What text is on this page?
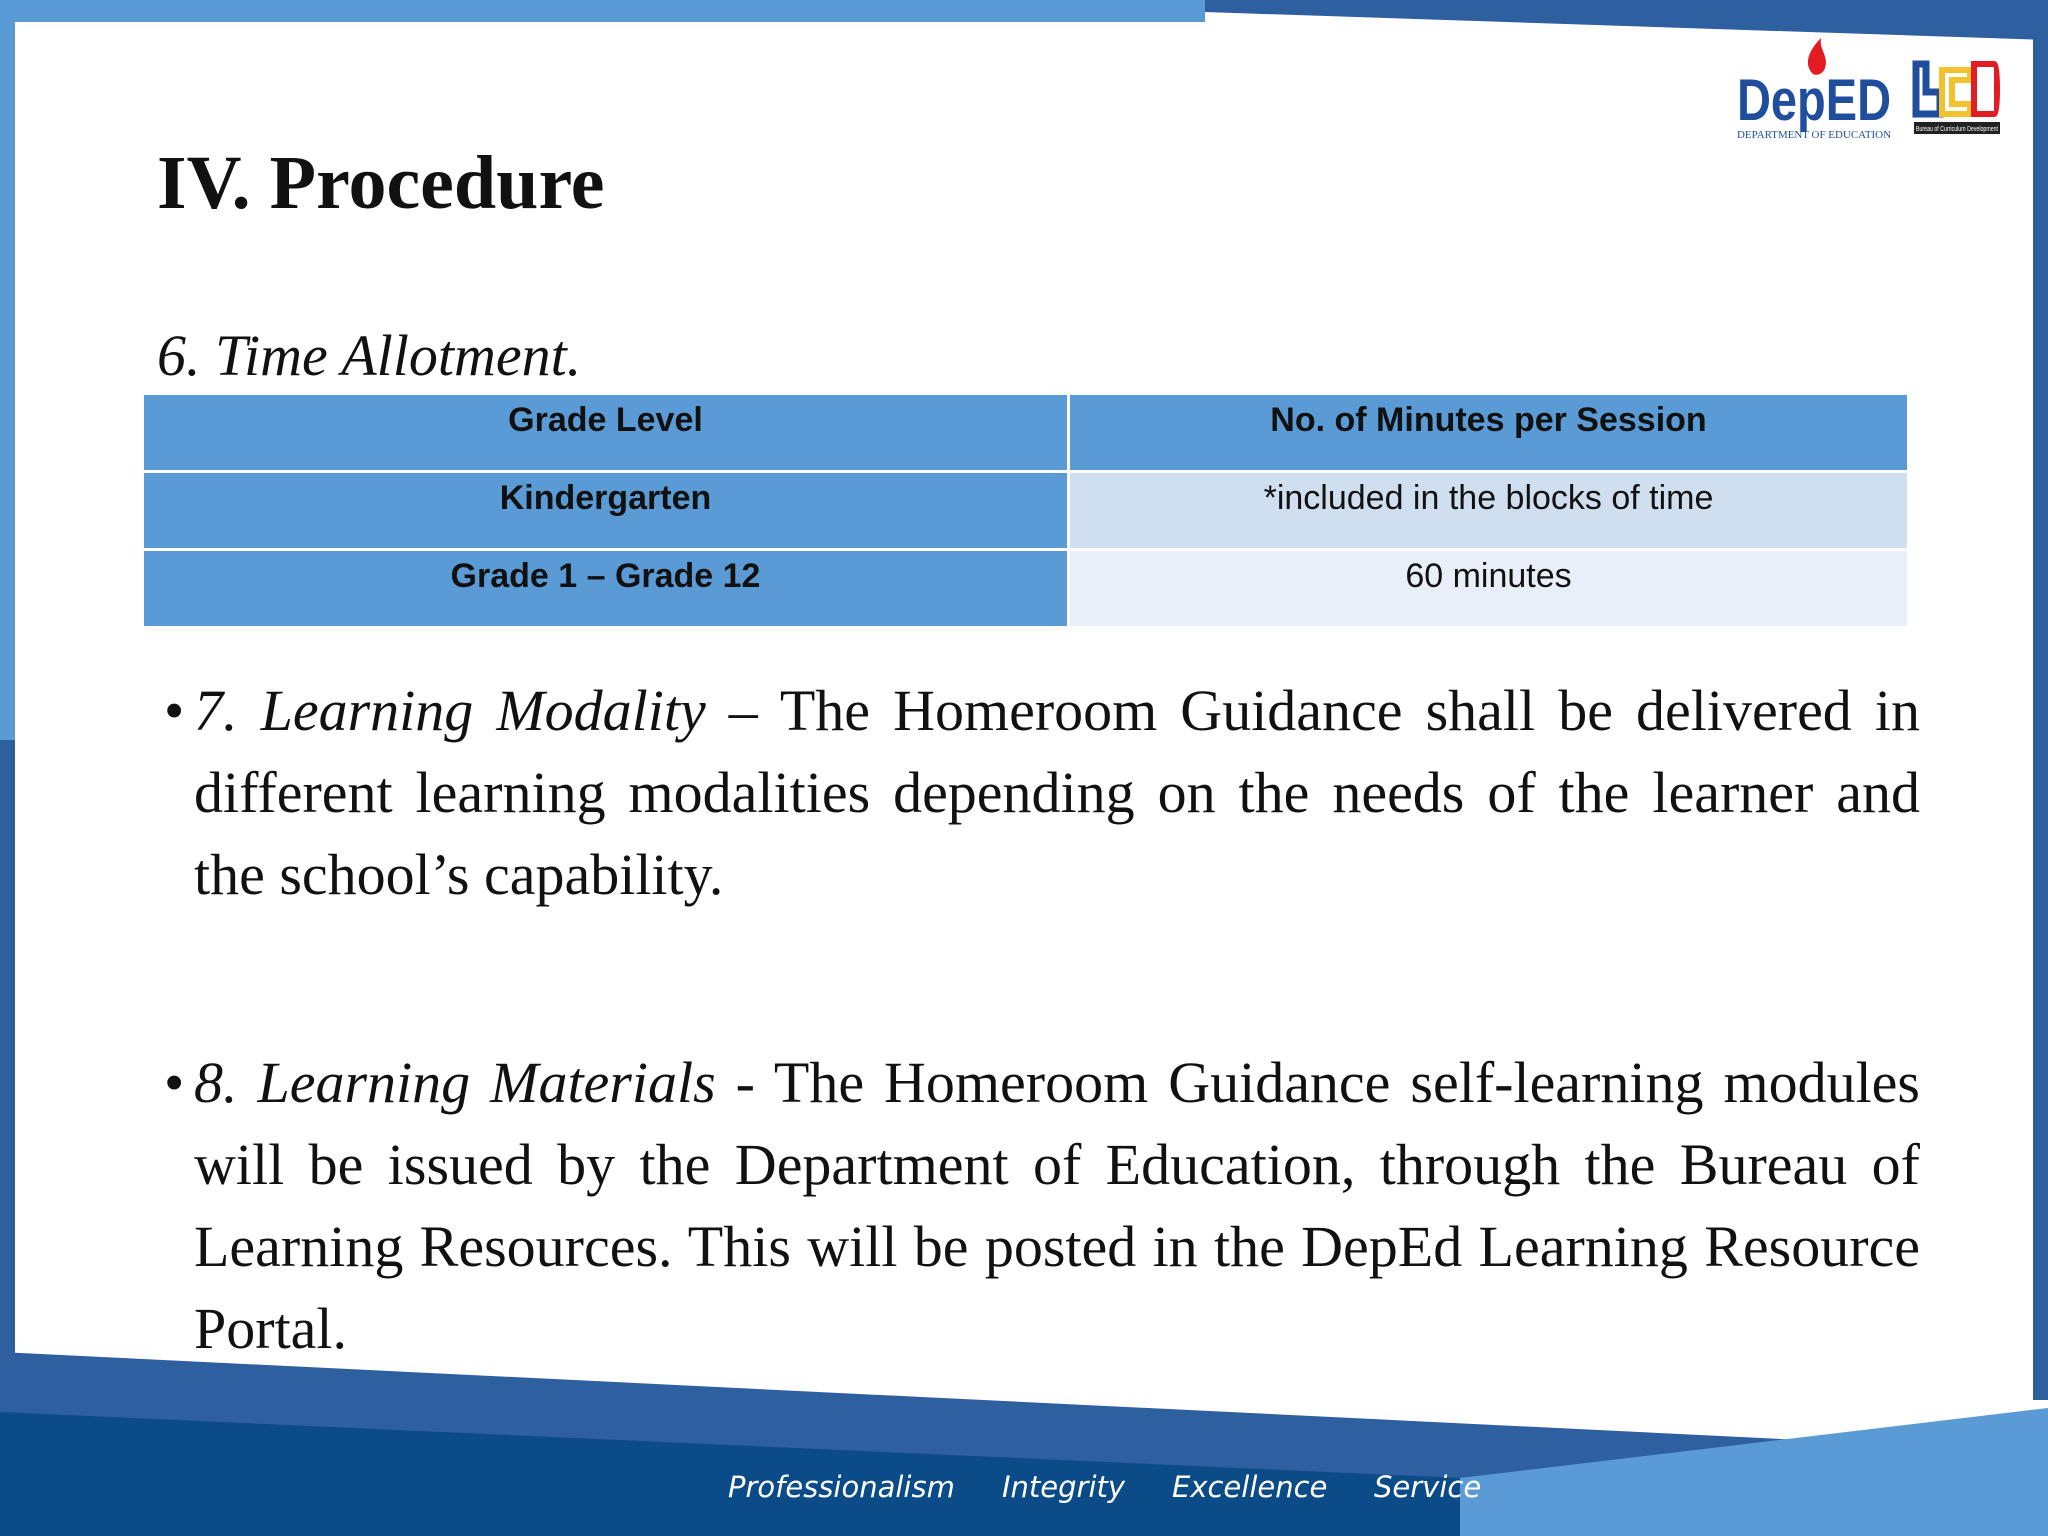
DepED
DEPARTMENT OF EDUCATION	Bureau of Curriculum Development
IV. Procedure
6. Time Allotment.
Grade Level	No. of Minutes per Session
Kindergarten	*included in the blocks of time
Grade 1 – Grade 12	60 minutes
• 7. Learning Modality – The Homeroom Guidance shall be delivered in different learning modalities depending on the needs of the learner and the school’s capability.
• 8. Learning Materials - The Homeroom Guidance self-learning modules will be issued by the Department of Education, through the Bureau of Learning Resources. This will be posted in the DepEd Learning Resource Portal.
Professionalism Integrity Excellence Service
